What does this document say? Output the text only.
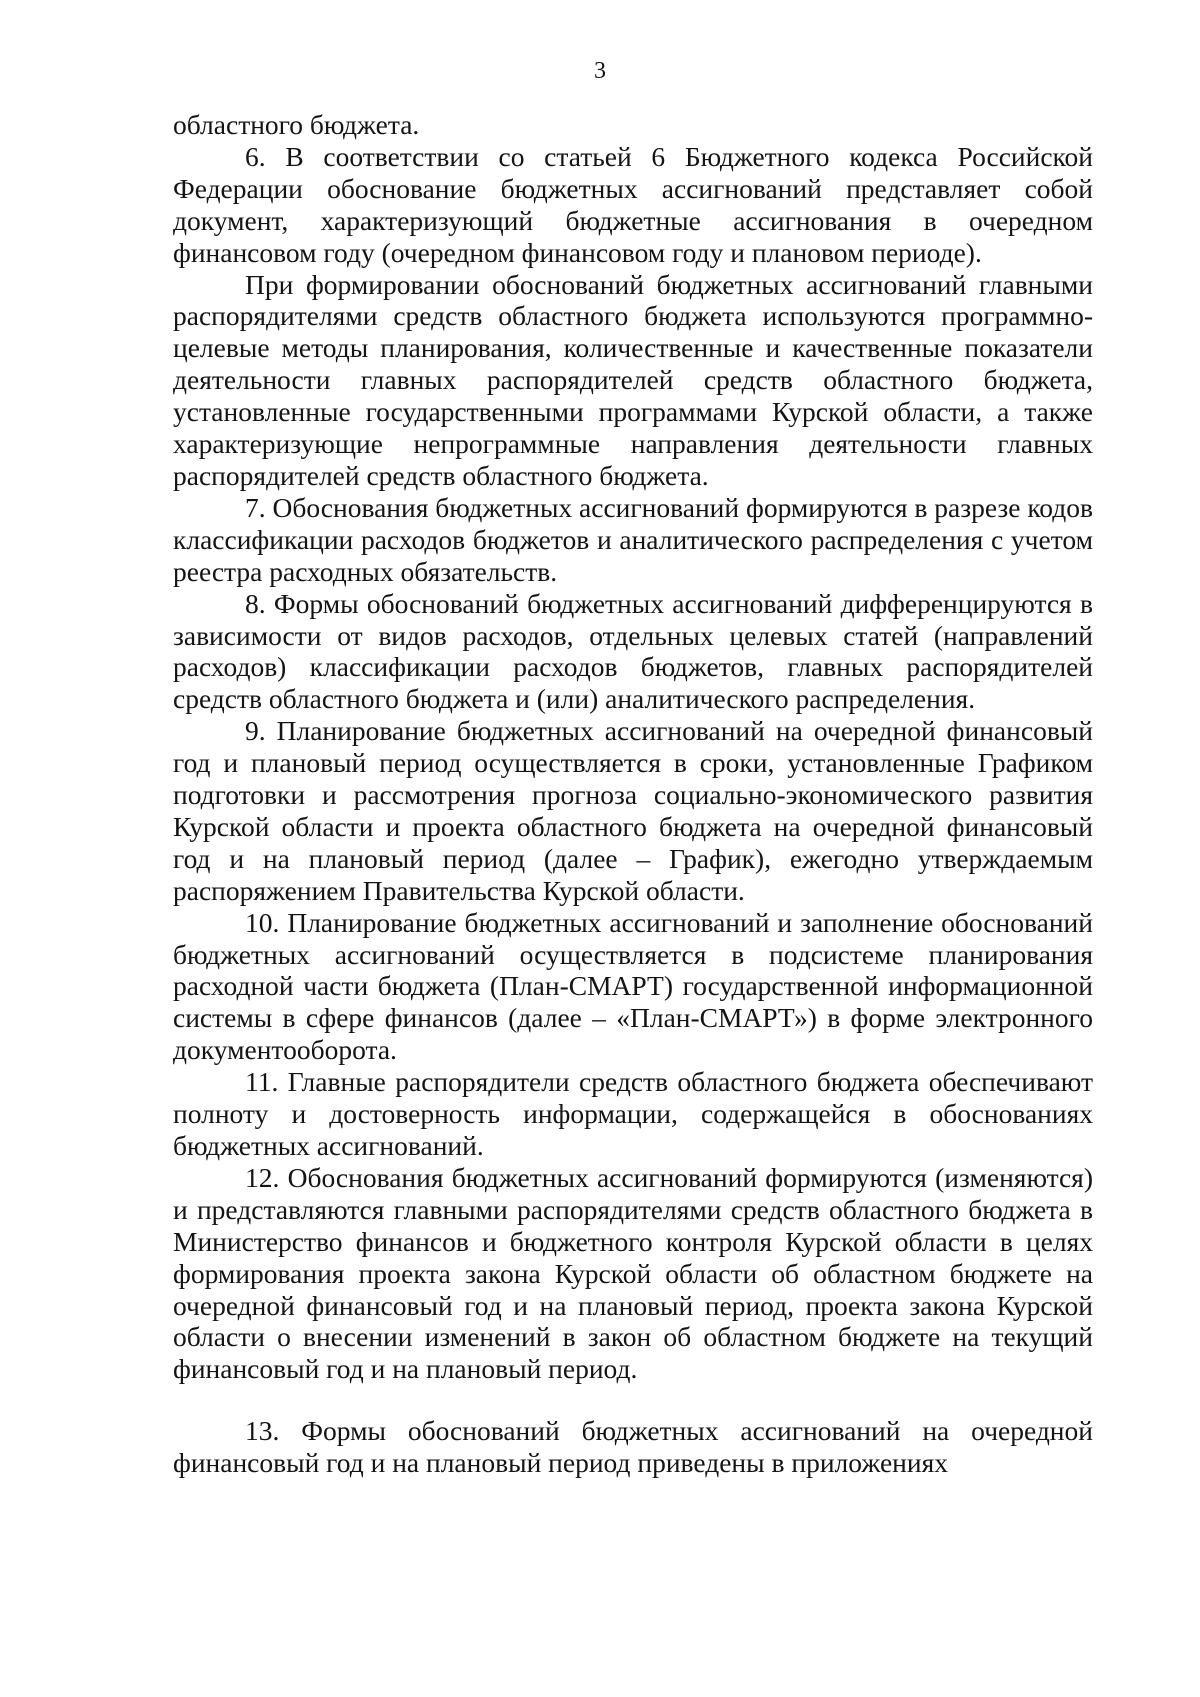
3

областного бюджета.

6. В соответствии со статьей 6 Бюджетного кодекса Российской Федерации обоснование бюджетных ассигнований представляет собой документ, характеризующий бюджетные ассигнования в очередном финансовом году (очередном финансовом году и плановом периоде).

При формировании обоснований бюджетных ассигнований главными распорядителями средств областного бюджета используются программно-целевые методы планирования, количественные и качественные показатели деятельности главных распорядителей средств областного бюджета, установленные государственными программами Курской области, а также характеризующие непрограммные направления деятельности главных распорядителей средств областного бюджета.

7. Обоснования бюджетных ассигнований формируются в разрезе кодов классификации расходов бюджетов и аналитического распределения с учетом реестра расходных обязательств.

8. Формы обоснований бюджетных ассигнований дифференцируются в зависимости от видов расходов, отдельных целевых статей (направлений расходов) классификации расходов бюджетов, главных распорядителей средств областного бюджета и (или) аналитического распределения.

9. Планирование бюджетных ассигнований на очередной финансовый год и плановый период осуществляется в сроки, установленные Графиком подготовки и рассмотрения прогноза социально-экономического развития Курской области и проекта областного бюджета на очередной финансовый год и на плановый период (далее – График), ежегодно утверждаемым распоряжением Правительства Курской области.

10. Планирование бюджетных ассигнований и заполнение обоснований бюджетных ассигнований осуществляется в подсистеме планирования расходной части бюджета (План-СМАРТ) государственной информационной системы в сфере финансов (далее – «План-СМАРТ») в форме электронного документооборота.

11. Главные распорядители средств областного бюджета обеспечивают полноту и достоверность информации, содержащейся в обоснованиях бюджетных ассигнований.

12. Обоснования бюджетных ассигнований формируются (изменяются) и представляются главными распорядителями средств областного бюджета в Министерство финансов и бюджетного контроля Курской области в целях формирования проекта закона Курской области об областном бюджете на очередной финансовый год и на плановый период, проекта закона Курской области о внесении изменений в закон об областном бюджете на текущий финансовый год и на плановый период.

13. Формы обоснований бюджетных ассигнований на очередной финансовый год и на плановый период приведены в приложениях
